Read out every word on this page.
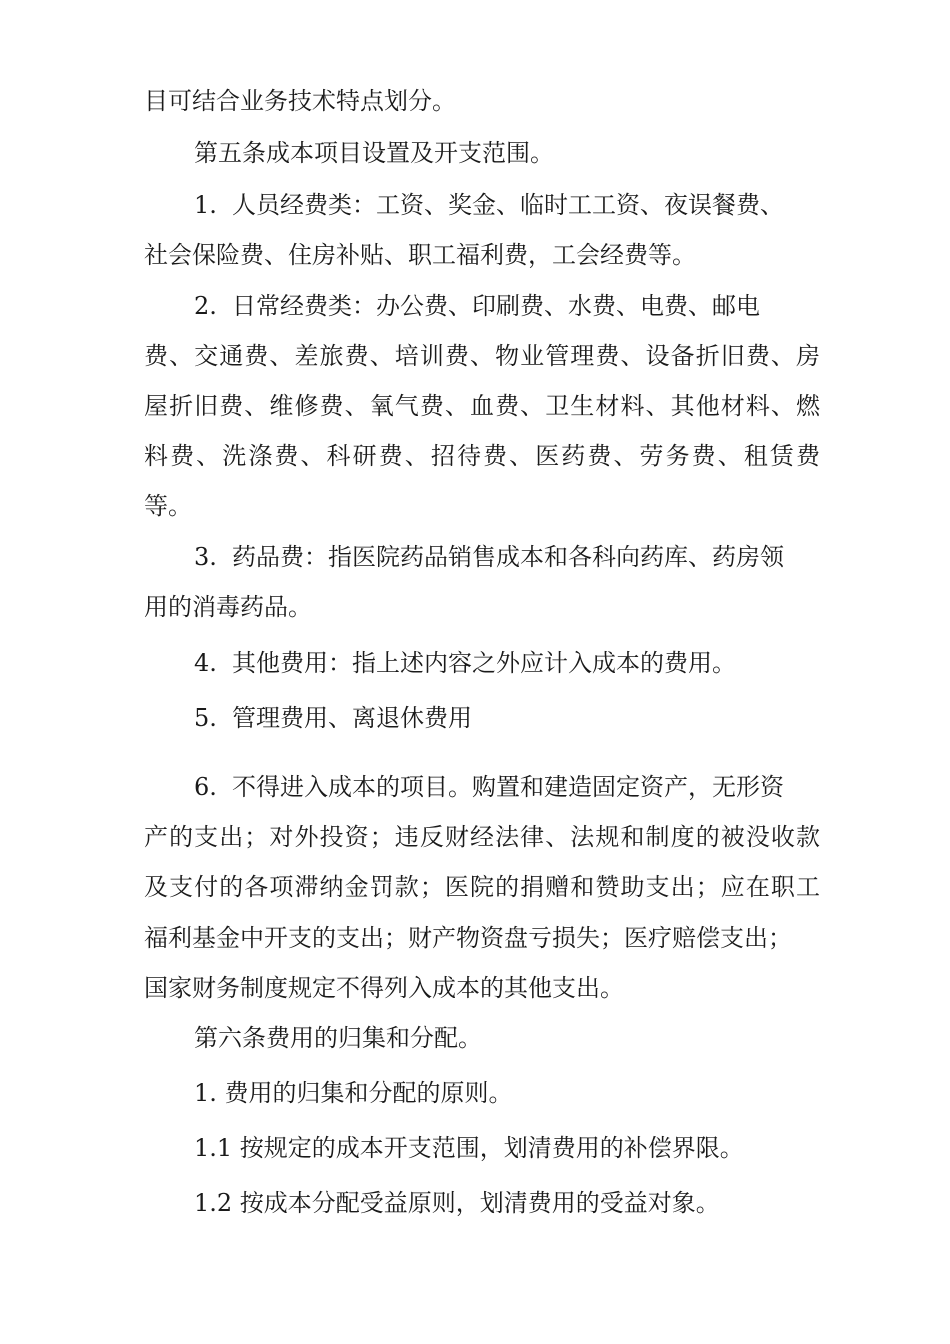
目可结合业务技术特点划分。
第五条成本项目设置及开支范围。
1. 人员经费类：工资、奖金、临时工工资、夜误餐费、
社会保险费、住房补贴、职工福利费，工会经费等。
2. 日常经费类：办公费、印刷费、水费、电费、邮电
费、交通费、差旅费、培训费、物业管理费、设备折旧费、房
屋折旧费、维修费、氧气费、血费、卫生材料、其他材料、燃
料费、洗涤费、科研费、招待费、医药费、劳务费、租赁费
等。
3. 药品费：指医院药品销售成本和各科向药库、药房领
用的消毒药品。
4. 其他费用：指上述内容之外应计入成本的费用。
5. 管理费用、离退休费用
6. 不得进入成本的项目。购置和建造固定资产，无形资
产的支出；对外投资；违反财经法律、法规和制度的被没收款
及支付的各项滞纳金罚款；医院的捐赠和赞助支出；应在职工
福利基金中开支的支出；财产物资盘亏损失；医疗赔偿支出；
国家财务制度规定不得列入成本的其他支出。
第六条费用的归集和分配。
1. 费用的归集和分配的原则。
1.1 按规定的成本开支范围，划清费用的补偿界限。
1.2 按成本分配受益原则，划清费用的受益对象。
